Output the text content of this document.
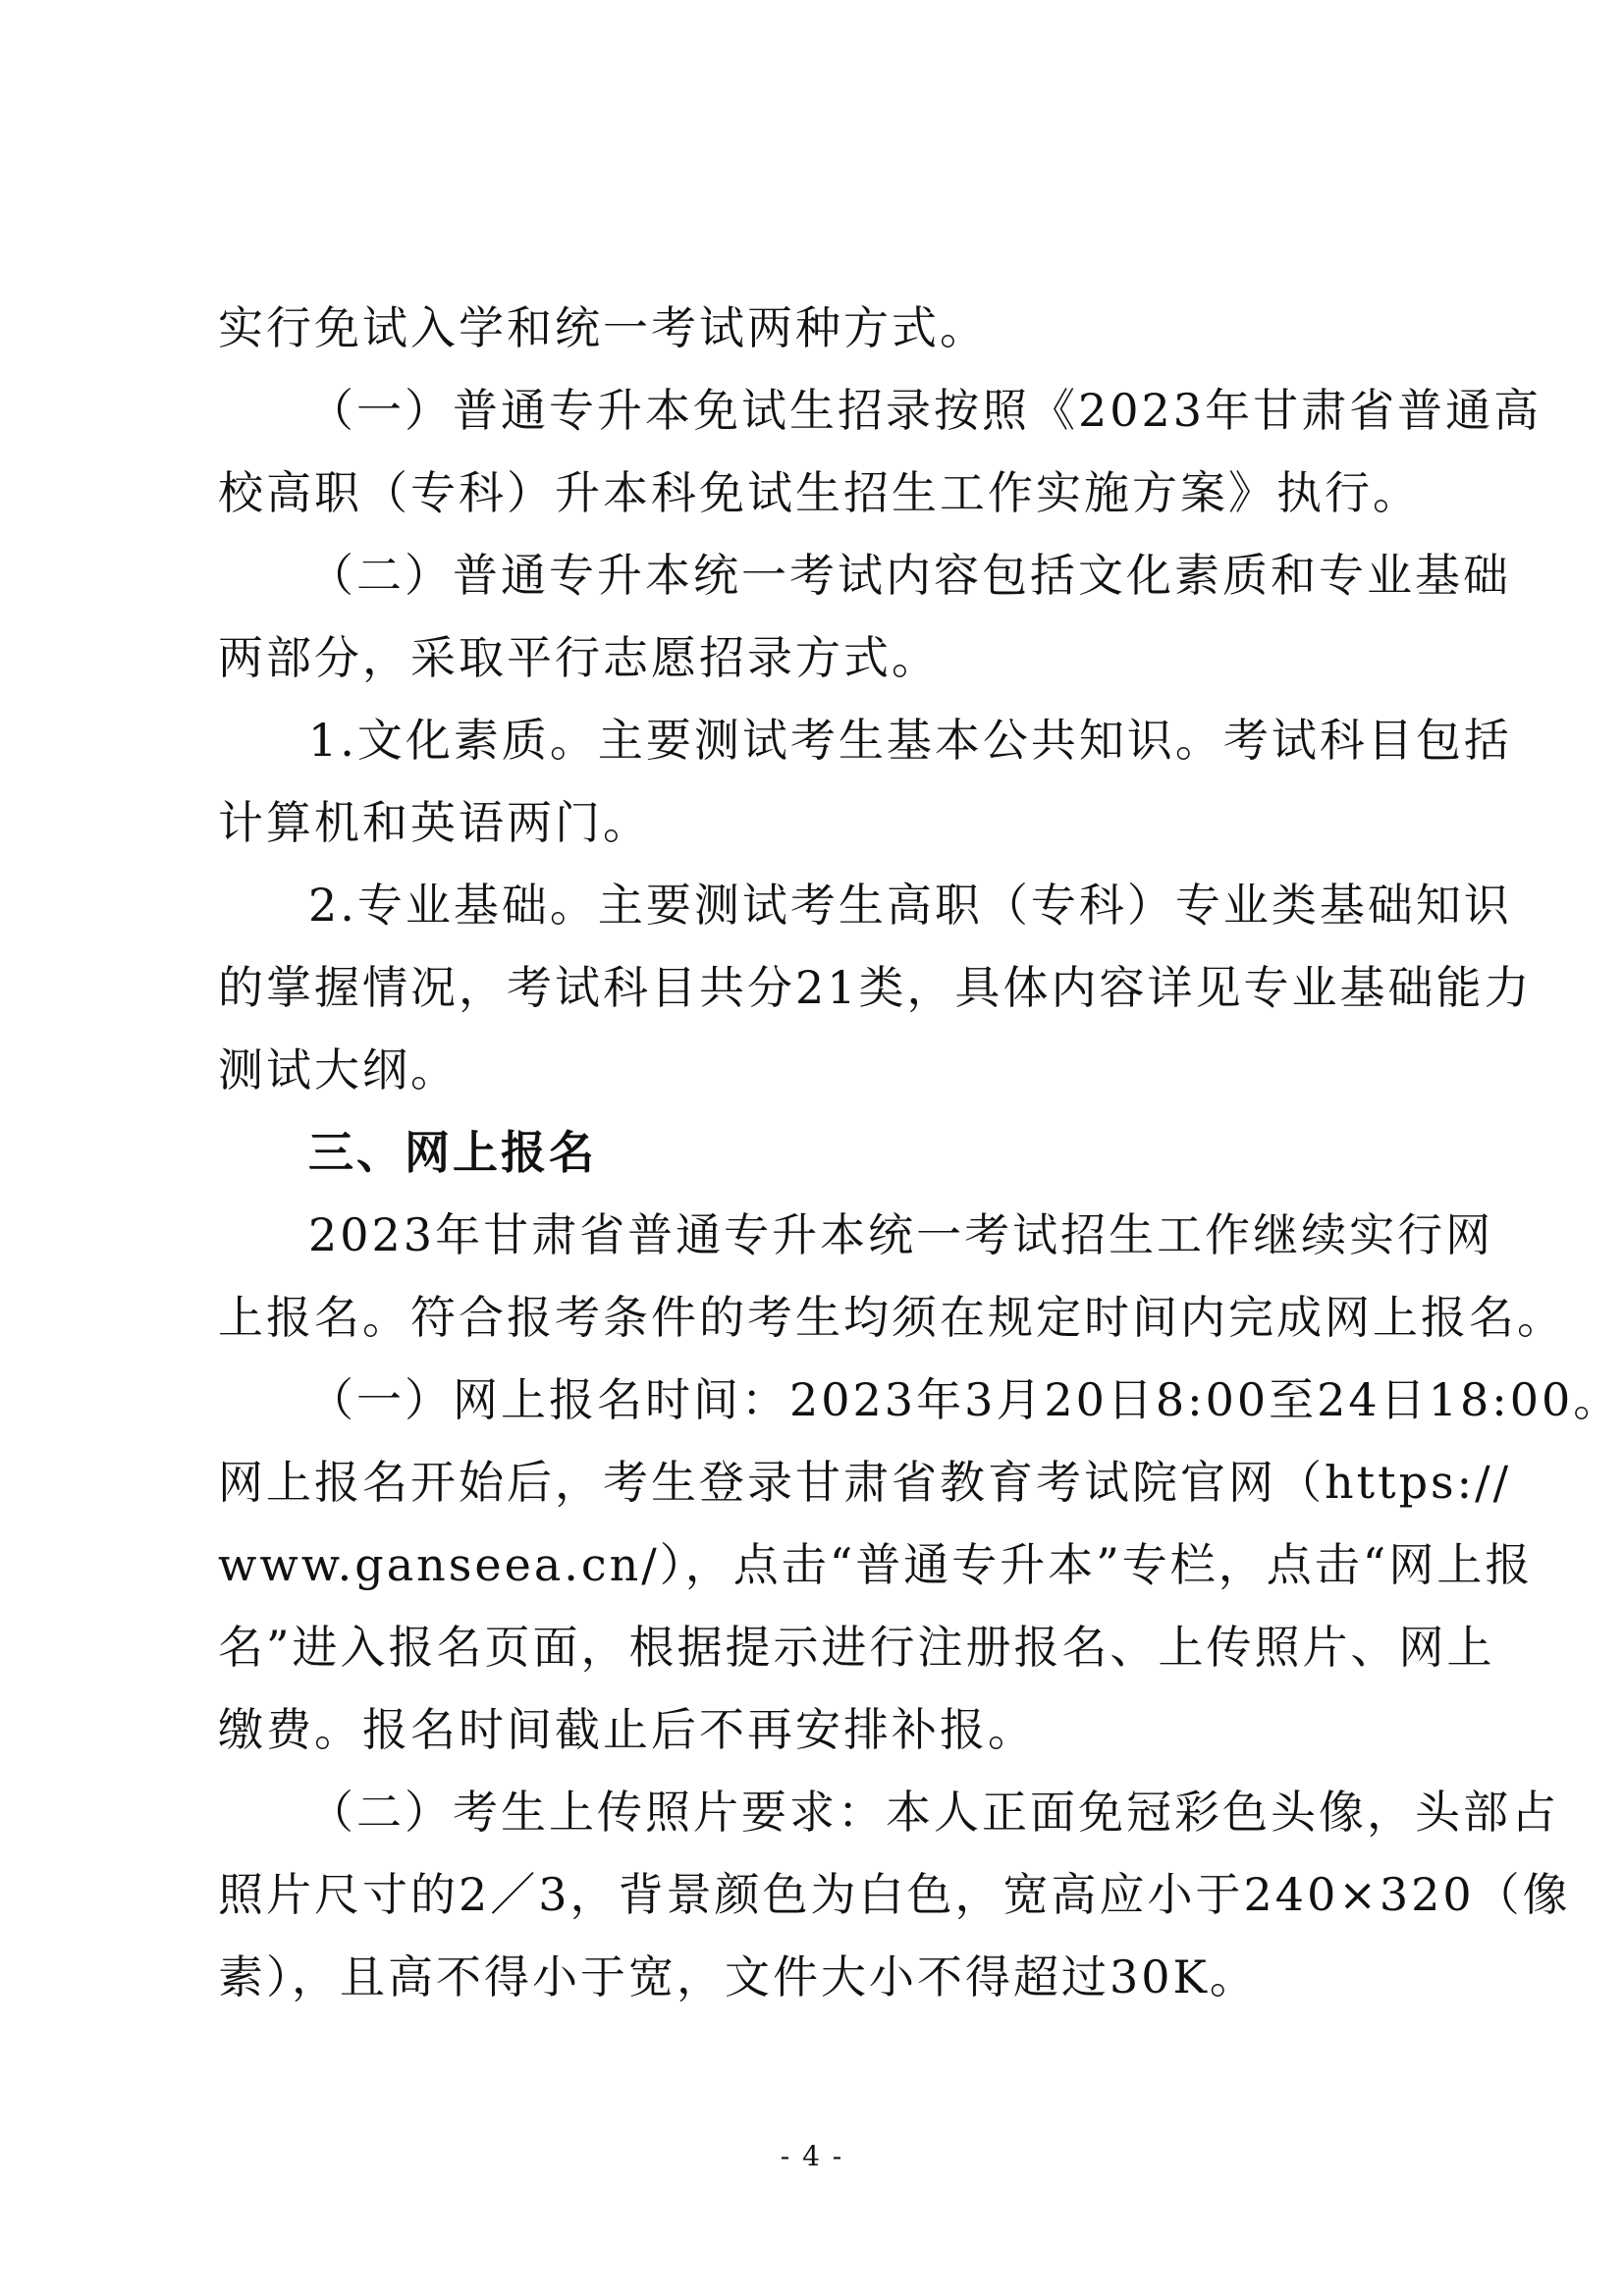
实行免试入学和统一考试两种方式。
（一）普通专升本免试生招录按照《2023年甘肃省普通高
校高职（专科）升本科免试生招生工作实施方案》执行。
（二）普通专升本统一考试内容包括文化素质和专业基础
两部分，采取平行志愿招录方式。
1.文化素质。主要测试考生基本公共知识。考试科目包括
计算机和英语两门。
2.专业基础。主要测试考生高职（专科）专业类基础知识
的掌握情况，考试科目共分21类，具体内容详见专业基础能力
测试大纲。
三、网上报名
2023年甘肃省普通专升本统一考试招生工作继续实行网
上报名。符合报考条件的考生均须在规定时间内完成网上报名。
（一）网上报名时间：2023年3月20日8:00至24日18:00。
网上报名开始后，考生登录甘肃省教育考试院官网（https://
www.ganseea.cn/），点击“普通专升本”专栏，点击“网上报
名”进入报名页面，根据提示进行注册报名、上传照片、网上
缴费。报名时间截止后不再安排补报。
（二）考生上传照片要求：本人正面免冠彩色头像，头部占
照片尺寸的2／3，背景颜色为白色，宽高应小于240×320（像
素），且高不得小于宽，文件大小不得超过30K。
- 4 -
